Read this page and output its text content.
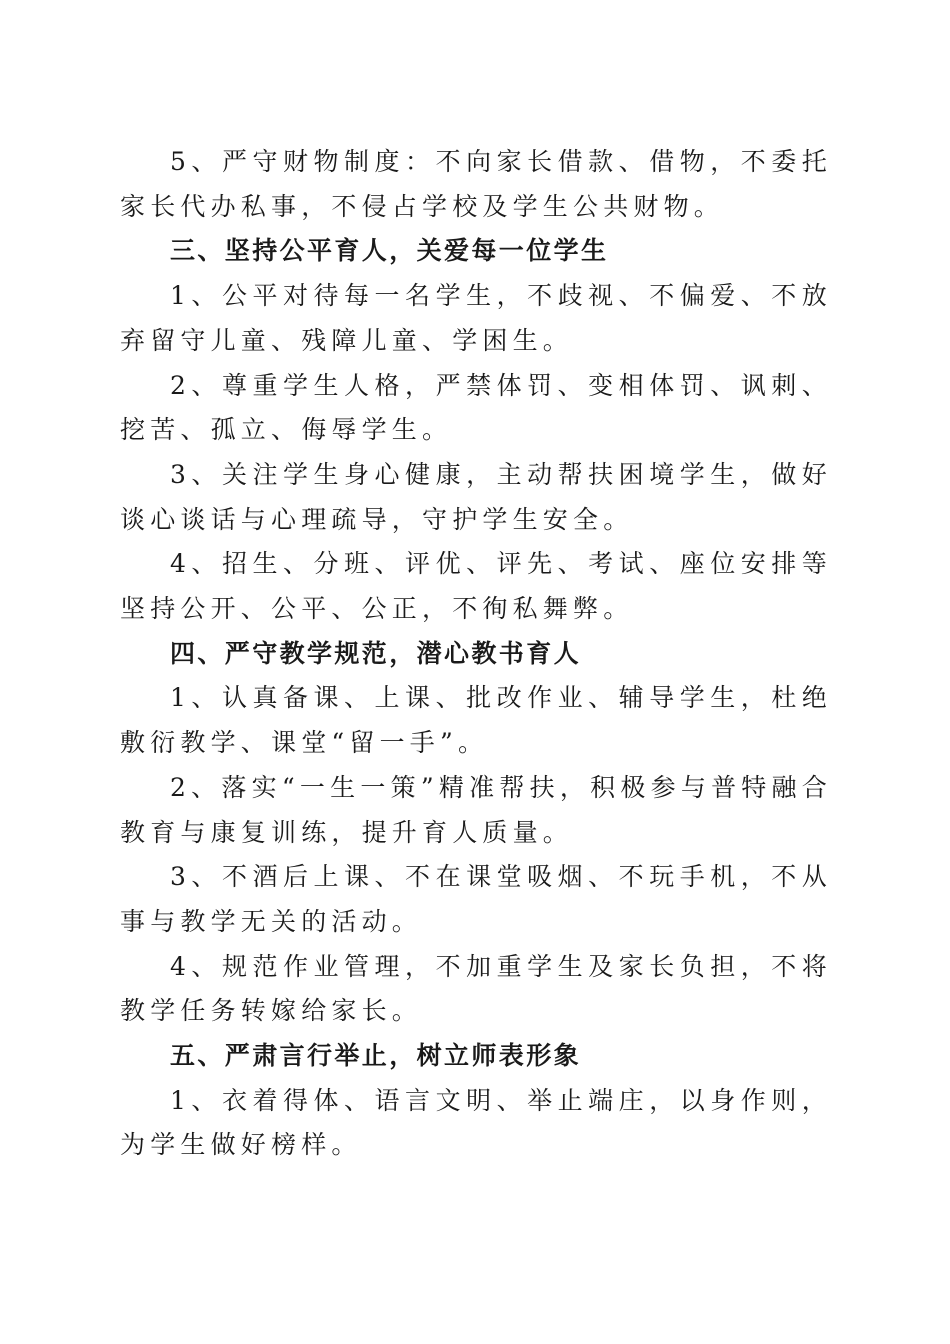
5、严守财物制度：不向家长借款、借物，不委托家长代办私事，不侵占学校及学生公共财物。

三、坚持公平育人，关爱每一位学生

1、公平对待每一名学生，不歧视、不偏爱、不放弃留守儿童、残障儿童、学困生。

2、尊重学生人格，严禁体罚、变相体罚、讽刺、挖苦、孤立、侮辱学生。

3、关注学生身心健康，主动帮扶困境学生，做好谈心谈话与心理疏导，守护学生安全。

4、招生、分班、评优、评先、考试、座位安排等坚持公开、公平、公正，不徇私舞弊。

四、严守教学规范，潜心教书育人

1、认真备课、上课、批改作业、辅导学生，杜绝敷衍教学、课堂“留一手”。

2、落实“一生一策”精准帮扶，积极参与普特融合教育与康复训练，提升育人质量。

3、不酒后上课、不在课堂吸烟、不玩手机，不从事与教学无关的活动。

4、规范作业管理，不加重学生及家长负担，不将教学任务转嫁给家长。

五、严肃言行举止，树立师表形象

1、衣着得体、语言文明、举止端庄，以身作则，为学生做好榜样。
